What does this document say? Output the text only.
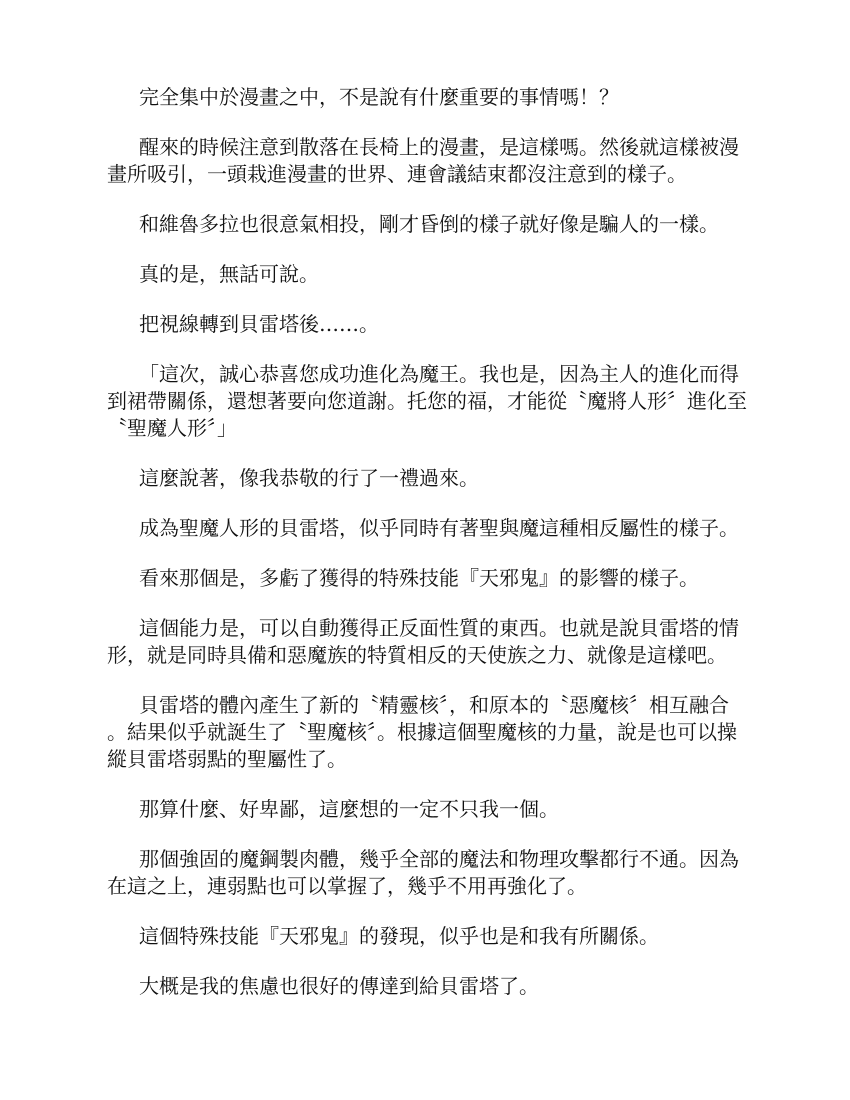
完全集中於漫畫之中，不是說有什麼重要的事情嗎！？

醒來的時候注意到散落在長椅上的漫畫，是這樣嗎。然後就這樣被漫畫所吸引，一頭栽進漫畫的世界、連會議結束都沒注意到的樣子。

和維魯多拉也很意氣相投，剛才昏倒的樣子就好像是騙人的一樣。

真的是，無話可說。

把視線轉到貝雷塔後……。

「這次，誠心恭喜您成功進化為魔王。我也是，因為主人的進化而得到裙帶關係，還想著要向您道謝。托您的福，才能從〝魔將人形〞進化至〝聖魔人形〞」

這麼說著，像我恭敬的行了一禮過來。

成為聖魔人形的貝雷塔，似乎同時有著聖與魔這種相反屬性的樣子。

看來那個是，多虧了獲得的特殊技能『天邪鬼』的影響的樣子。

這個能力是，可以自動獲得正反面性質的東西。也就是說貝雷塔的情形，就是同時具備和惡魔族的特質相反的天使族之力、就像是這樣吧。

貝雷塔的體內產生了新的〝精靈核〞，和原本的〝惡魔核〞相互融合。結果似乎就誕生了〝聖魔核〞。根據這個聖魔核的力量，說是也可以操縱貝雷塔弱點的聖屬性了。

那算什麼、好卑鄙，這麼想的一定不只我一個。

那個強固的魔鋼製肉體，幾乎全部的魔法和物理攻擊都行不通。因為在這之上，連弱點也可以掌握了，幾乎不用再強化了。

這個特殊技能『天邪鬼』的發現，似乎也是和我有所關係。

大概是我的焦慮也很好的傳達到給貝雷塔了。
